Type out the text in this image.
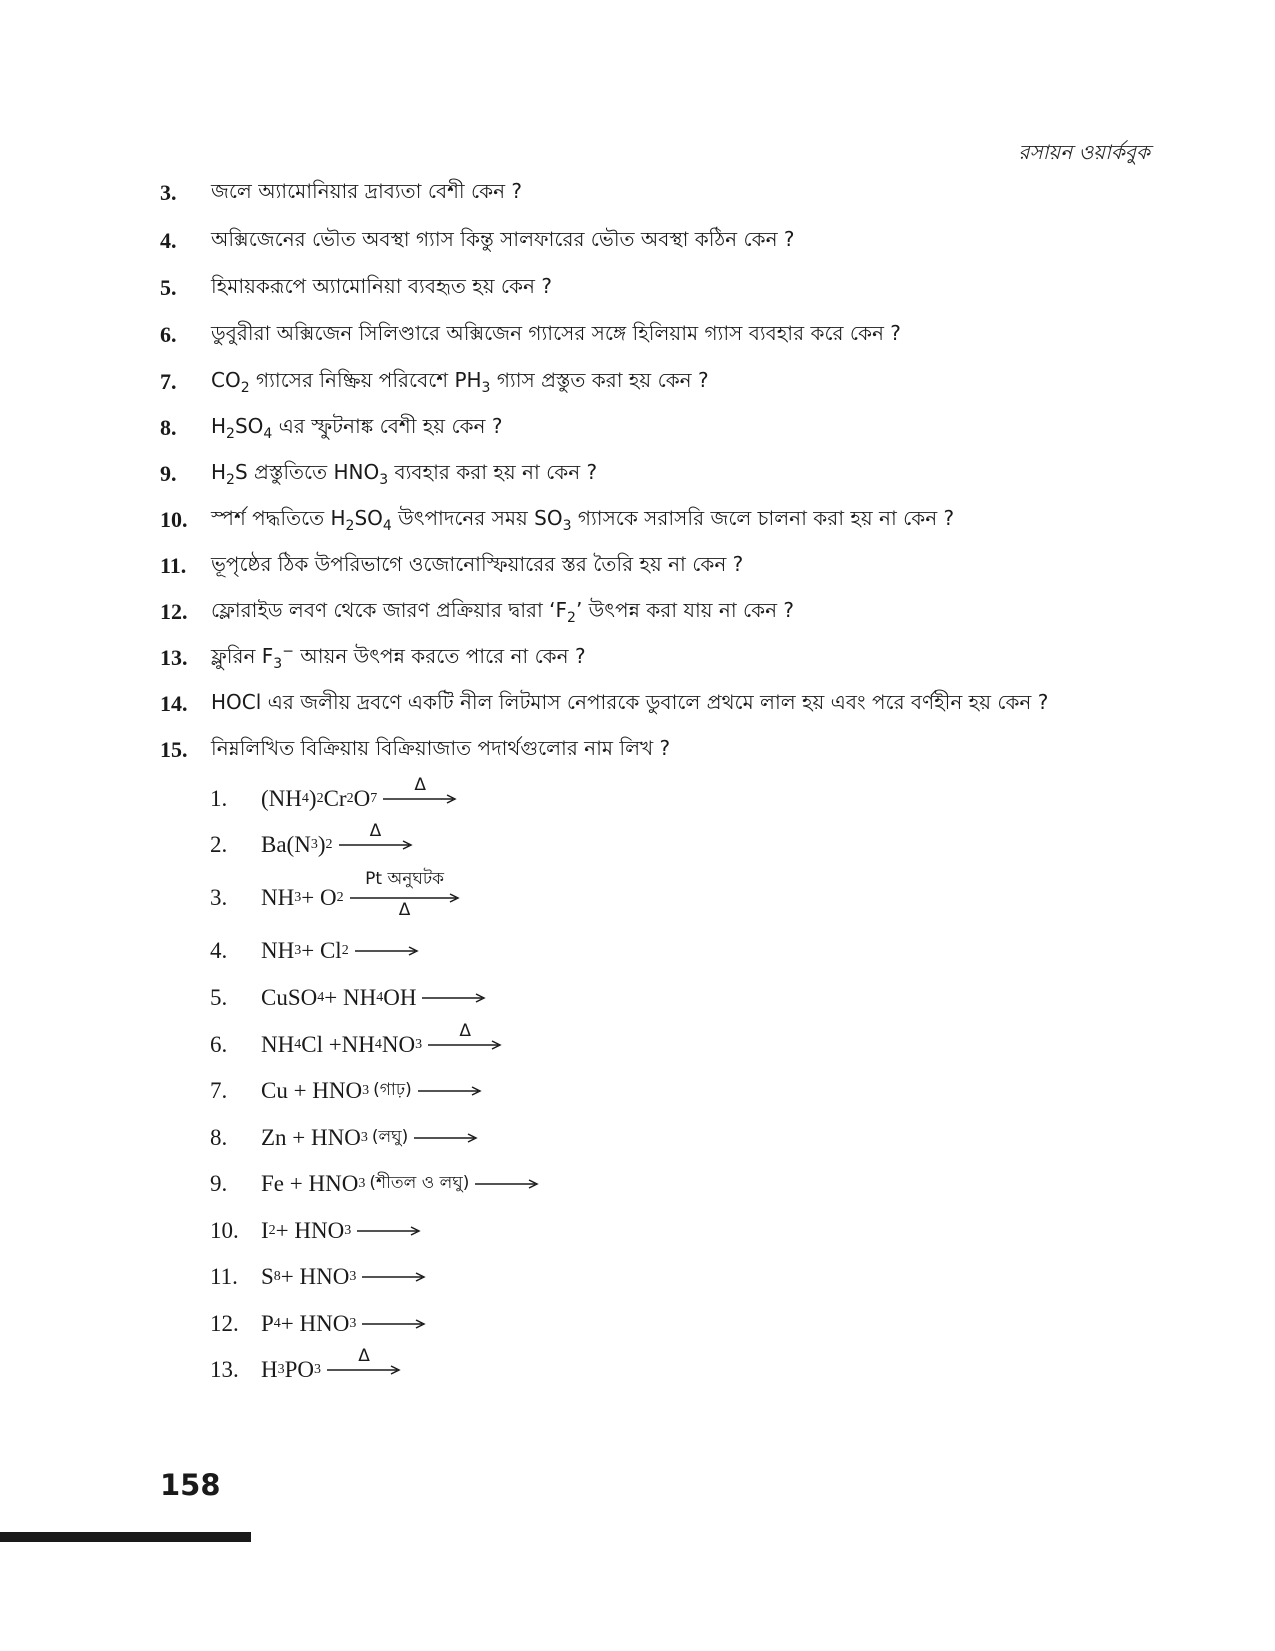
রসায়ন ওয়ার্কবুক
3.	জলে অ্যামোনিয়ার দ্রাব্যতা বেশী কেন ?
4.	অক্সিজেনের ভৌত অবস্থা গ্যাস কিন্তু সালফারের ভৌত অবস্থা কঠিন কেন ?
5.	হিমায়করূপে অ্যামোনিয়া ব্যবহৃত হয় কেন ?
6.	ডুবুরীরা অক্সিজেন সিলিণ্ডারে অক্সিজেন গ্যাসের সঙ্গে হিলিয়াম গ্যাস ব্যবহার করে কেন ?
7.	$CO_2$ গ্যাসের নিষ্ক্রিয় পরিবেশে $PH_3$ গ্যাস প্রস্তুত করা হয় কেন ?
8.	$H_2SO_4$ এর স্ফুটনাঙ্ক বেশী হয় কেন ?
9.	$H_2S$ প্রস্তুতিতে $HNO_3$ ব্যবহার করা হয় না কেন ?
10.	স্পর্শ পদ্ধতিতে $H_2SO_4$ উৎপাদনের সময় $SO_3$ গ্যাসকে সরাসরি জলে চালনা করা হয় না কেন ?
11.	ভূপৃষ্ঠের ঠিক উপরিভাগে ওজোনোস্ফিয়ারের স্তর তৈরি হয় না কেন ?
12.	ফ্লোরাইড লবণ থেকে জারণ প্রক্রিয়ার দ্বারা ‘$F_2$’ উৎপন্ন করা যায় না কেন ?
13.	ফ্লুরিন $F_3^-$ আয়ন উৎপন্ন করতে পারে না কেন ?
14.	HOCl এর জলীয় দ্রবণে একটি নীল লিটমাস নেপারকে ডুবালে প্রথমে লাল হয় এবং পরে বর্ণহীন হয় কেন ?
15.	নিম্নলিখিত বিক্রিয়ায় বিক্রিয়াজাত পদার্থগুলোর নাম লিখ ?
1.	(NH 4 ) 2 Cr 2 O 7
Δ
2.	Ba(N 3 ) 2
Δ
3.	NH 3 + O 2
Pt অনুঘটক
Δ
4.	NH 3 + Cl 2 →
5.	CuSO 4 + NH 4 OH →
6.	NH 4 Cl +NH 4 NO 3
Δ
7.	Cu + HNO 3 (গাঢ়) →
8.	Zn + HNO 3 (লঘু) →
9.	Fe + HNO 3 (শীতল ও লঘু) →
10. I 2 + HNO 3 →
11.	S 8 + HNO 3 →
12. P 4 + HNO 3 →
13. H 3 PO 3
Δ
158
